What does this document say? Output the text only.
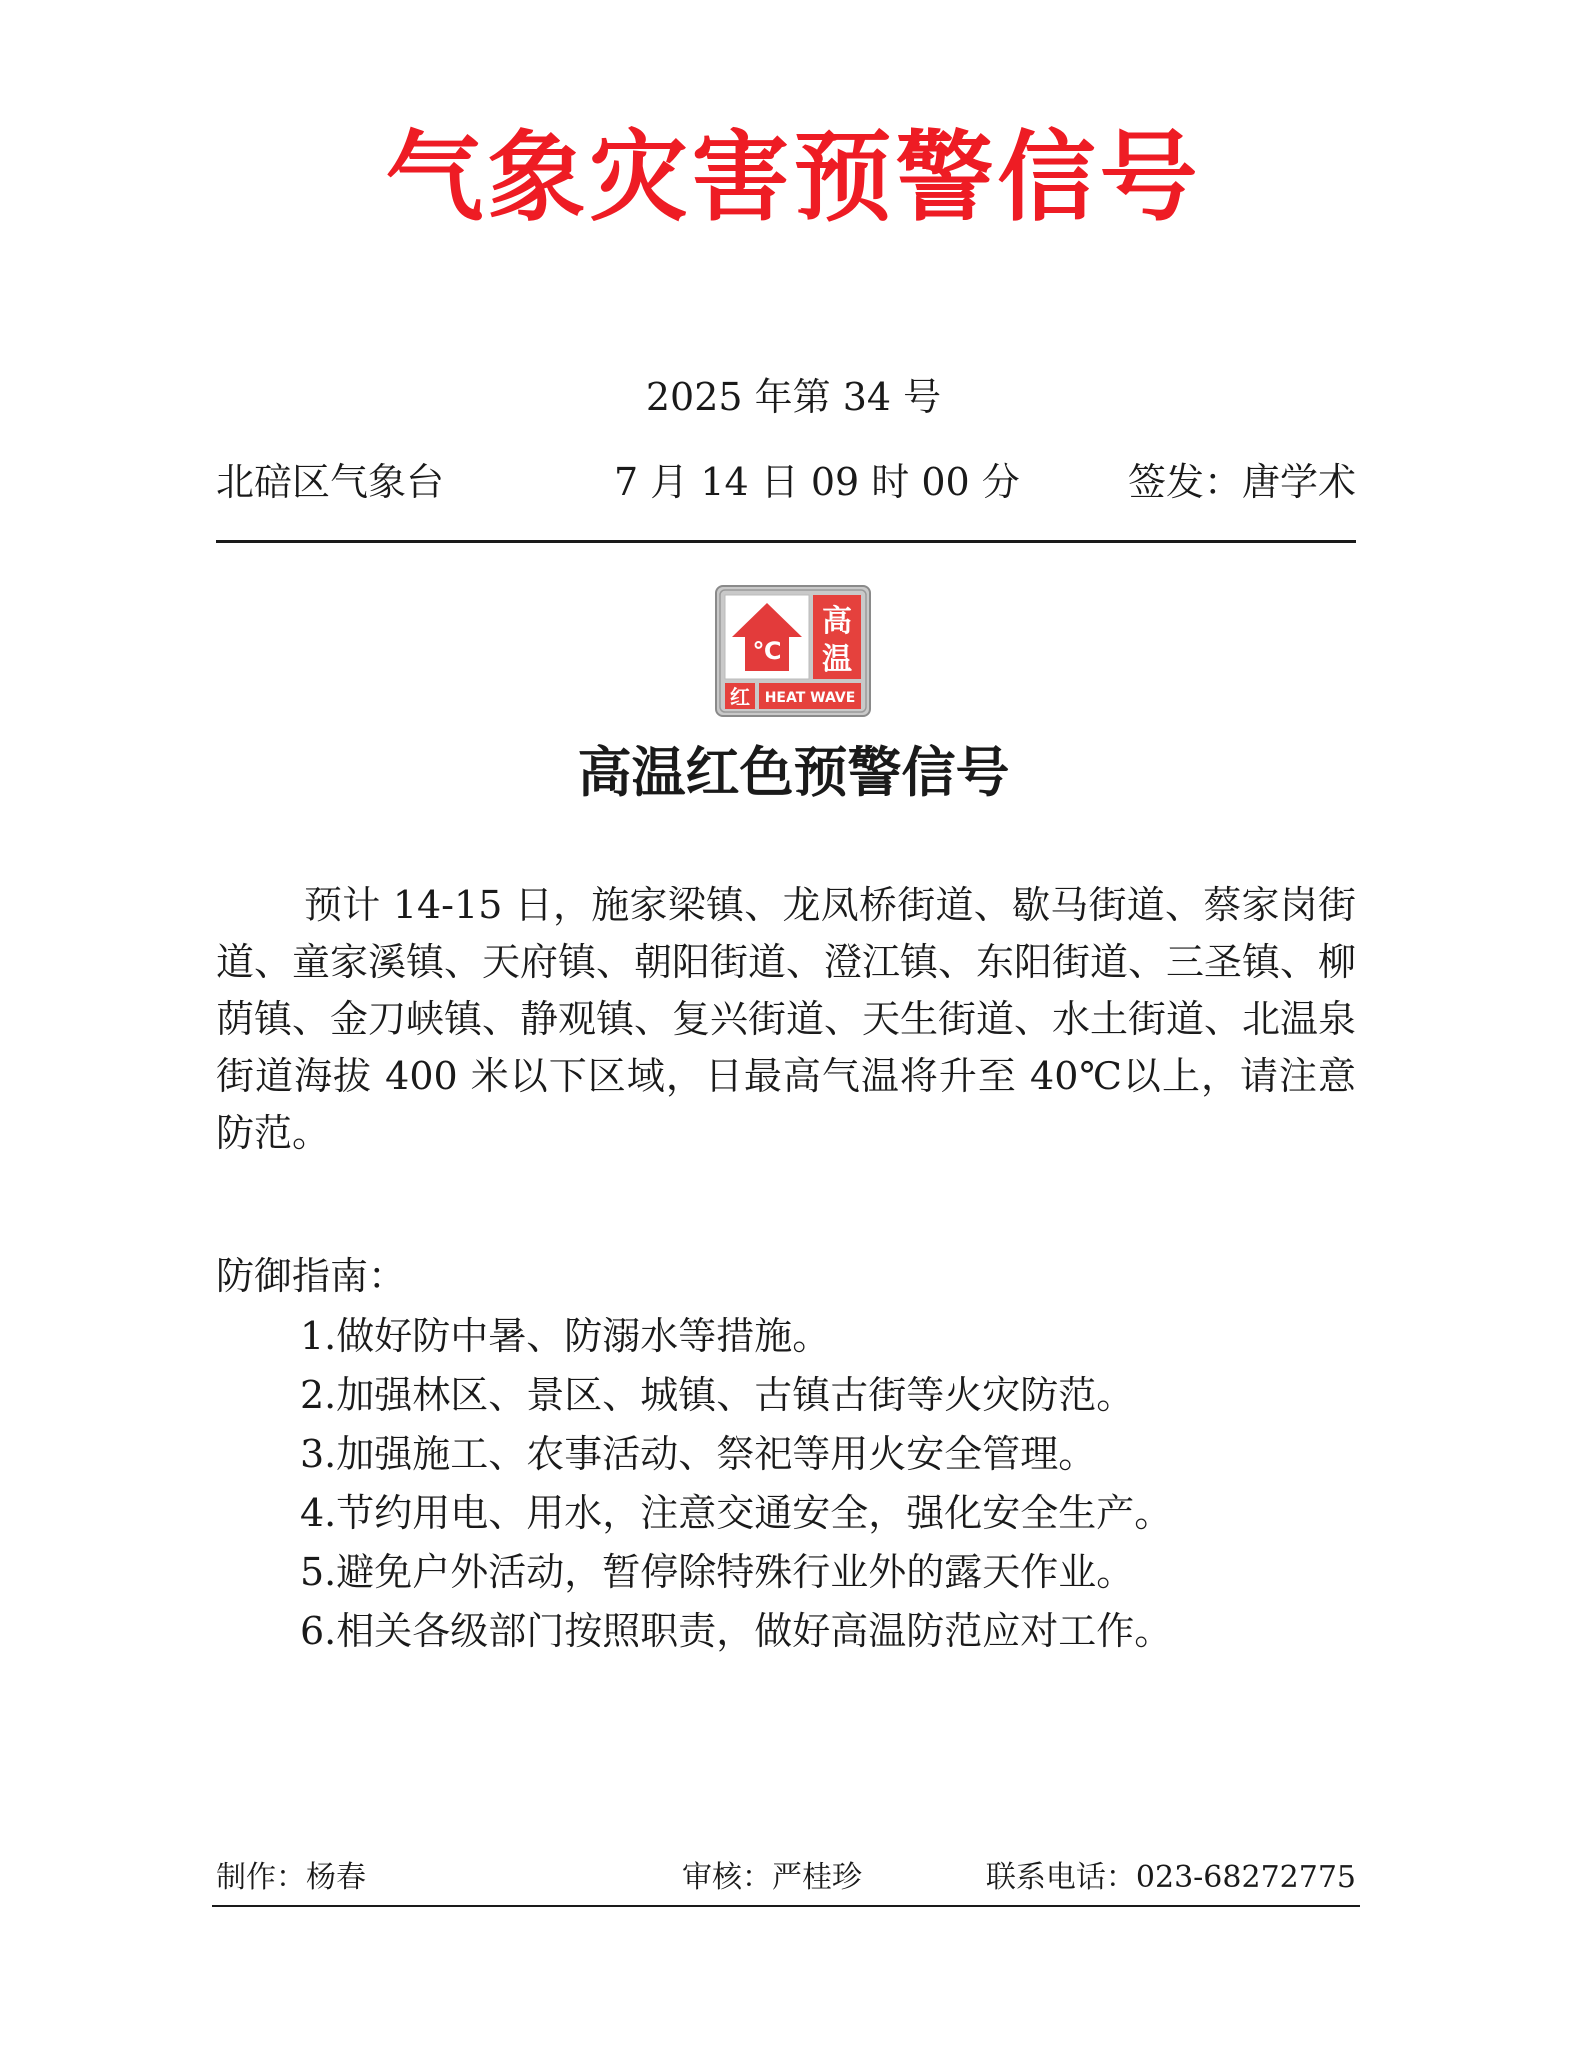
气象灾害预警信号
2025 年第 34 号
北碚区气象台	7 月 14 日 09 时 00 分	签发：唐学术
℃
高
温
红 HEAT WAVE
高温红色预警信号

预计 14-15 日，施家梁镇、龙凤桥街道、歇马街道、蔡家岗街道、童家溪镇、天府镇、朝阳街道、澄江镇、东阳街道、三圣镇、柳荫镇、金刀峡镇、静观镇、复兴街道、天生街道、水土街道、北温泉街道海拔 400 米以下区域，日最高气温将升至 40℃以上，请注意防范。

防御指南：
1.做好防中暑、防溺水等措施。
2.加强林区、景区、城镇、古镇古街等火灾防范。
3.加强施工、农事活动、祭祀等用火安全管理。
4.节约用电、用水，注意交通安全，强化安全生产。
5.避免户外活动，暂停除特殊行业外的露天作业。
6.相关各级部门按照职责，做好高温防范应对工作。
制作：杨春	审核：严桂珍	联系电话：023-68272775
